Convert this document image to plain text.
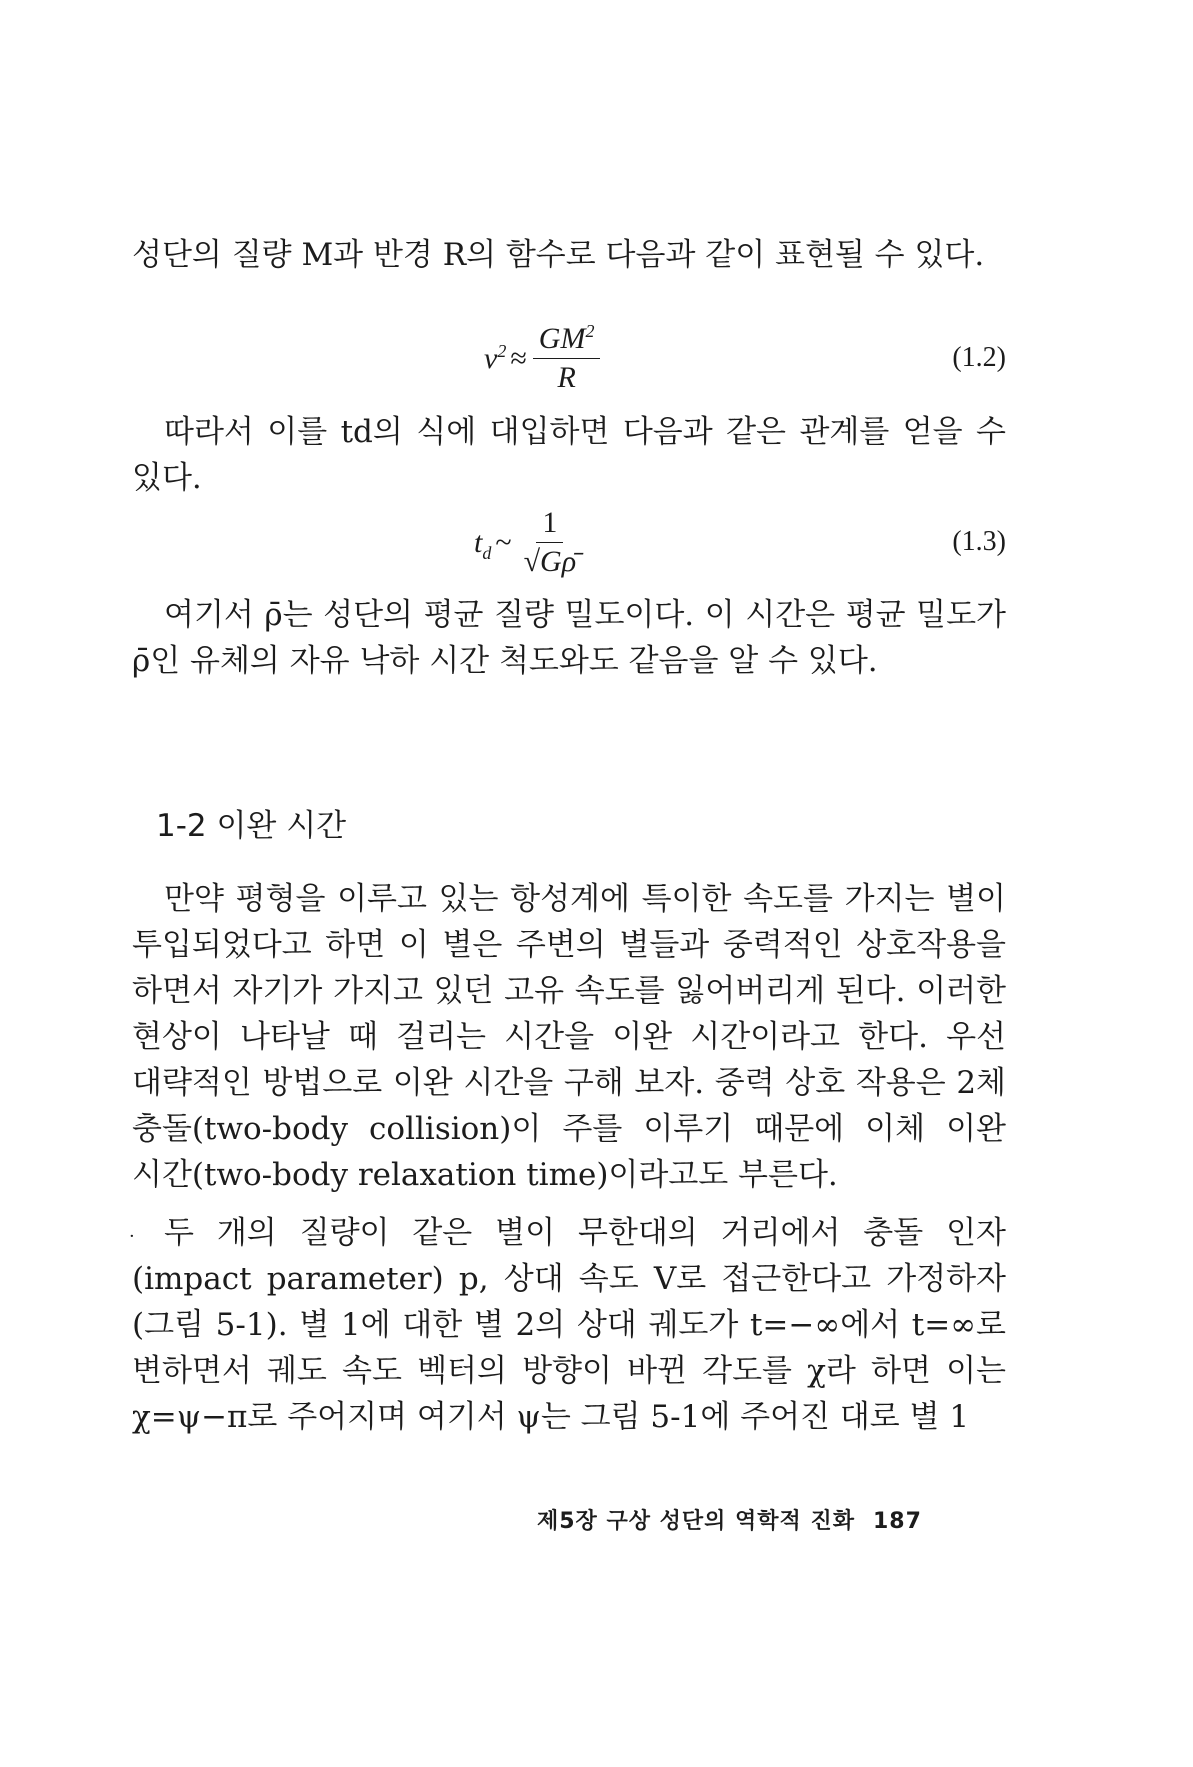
성단의 질량 M과 반경 R의 함수로 다음과 같이 표현될 수 있다.

$v^2 \approx \frac{GM^2}{R}$	(1.2)

따라서 이를 td의 식에 대입하면 다음과 같은 관계를 얻을 수 있다.

$t_d$ ~ $\frac{1}{√G\rhō}$	(1.3)

여기서 ρ̄는 성단의 평균 질량 밀도이다. 이 시간은 평균 밀도가 ρ̄인 유체의 자유 낙하 시간 척도와도 같음을 알 수 있다.

1-2 이완 시간

만약 평형을 이루고 있는 항성계에 특이한 속도를 가지는 별이 투입되었다고 하면 이 별은 주변의 별들과 중력적인 상호작용을 하면서 자기가 가지고 있던 고유 속도를 잃어버리게 된다. 이러한 현상이 나타날 때 걸리는 시간을 이완 시간이라고 한다. 우선 대략적인 방법으로 이완 시간을 구해 보자. 중력 상호 작용은 2체 충돌(two-body collision)이 주를 이루기 때문에 이체 이완 시간(two-body relaxation time)이라고도 부른다.

· 두 개의 질량이 같은 별이 무한대의 거리에서 충돌 인자 (impact parameter) p, 상대 속도 V로 접근한다고 가정하자(그림 5-1). 별 1에 대한 별 2의 상대 궤도가 t=−∞에서 t=∞로 변하면서 궤도 속도 벡터의 방향이 바뀐 각도를 χ라 하면 이는 χ=ψ−π로 주어지며 여기서 ψ는 그림 5-1에 주어진 대로 별 1

제5장 구상 성단의 역학적 진화 187
